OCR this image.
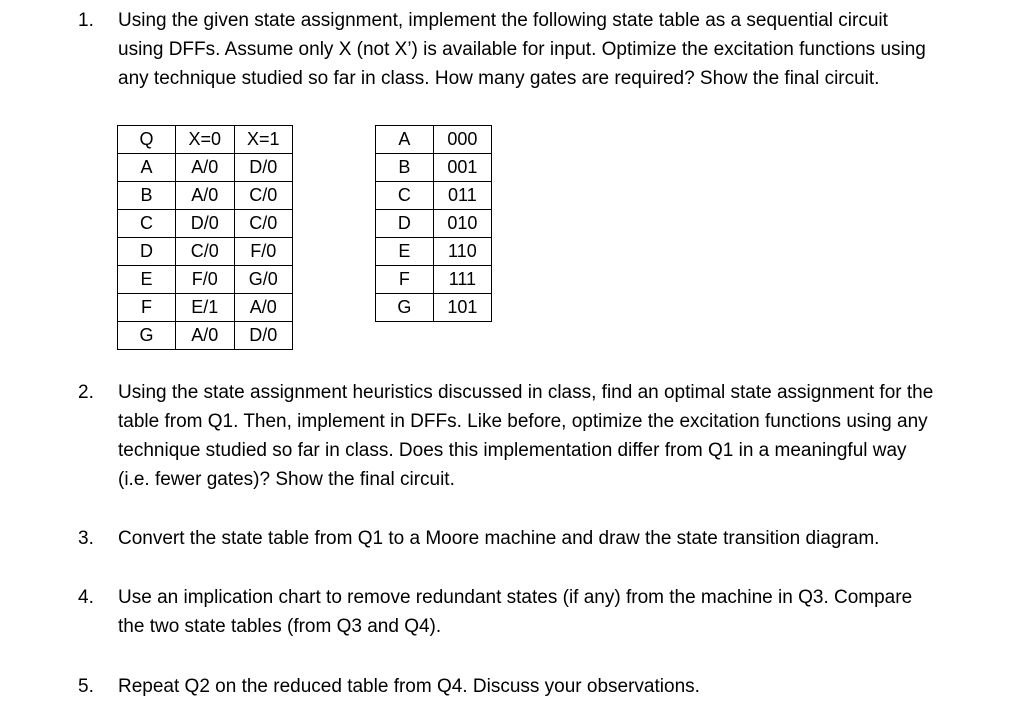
1. Using the given state assignment, implement the following state table as a sequential circuit
using DFFs. Assume only X (not X’) is available for input. Optimize the excitation functions using
any technique studied so far in class. How many gates are required? Show the final circuit.
Q	X=0	X=1
A	A/0	D/0
B	A/0	C/0
C	D/0	C/0
D	C/0	F/0
E	F/0	G/0
F	E/1	A/0
G	A/0	D/0
A	000
B	001
C	011
D	010
E	110
F	111
G	101
2. Using the state assignment heuristics discussed in class, find an optimal state assignment for the
table from Q1. Then, implement in DFFs. Like before, optimize the excitation functions using any
technique studied so far in class. Does this implementation differ from Q1 in a meaningful way
(i.e. fewer gates)? Show the final circuit.
3. Convert the state table from Q1 to a Moore machine and draw the state transition diagram.
4. Use an implication chart to remove redundant states (if any) from the machine in Q3. Compare
the two state tables (from Q3 and Q4).
5. Repeat Q2 on the reduced table from Q4. Discuss your observations.
